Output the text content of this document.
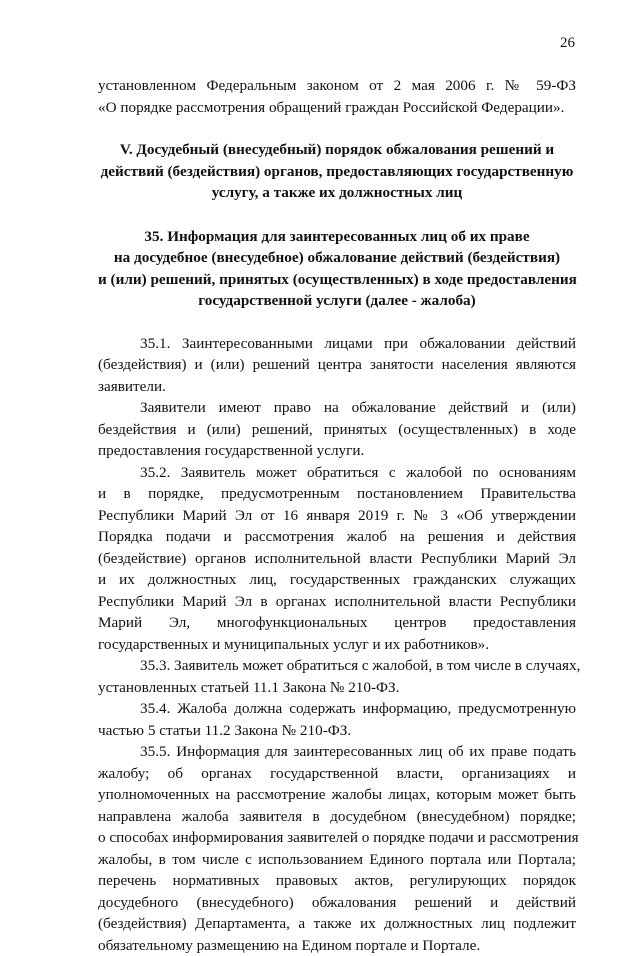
26
установленном Федеральным законом от 2 мая 2006 г. № 59-ФЗ
«О порядке рассмотрения обращений граждан Российской Федерации».
V. Досудебный (внесудебный) порядок обжалования решений и
действий (бездействия) органов, предоставляющих государственную
услугу, а также их должностных лиц
35. Информация для заинтересованных лиц об их праве
на досудебное (внесудебное) обжалование действий (бездействия)
и (или) решений, принятых (осуществленных) в ходе предоставления
государственной услуги (далее - жалоба)
35.1. Заинтересованными лицами при обжаловании действий
(бездействия) и (или) решений центра занятости населения являются
заявители.
Заявители имеют право на обжалование действий и (или)
бездействия и (или) решений, принятых (осуществленных) в ходе
предоставления государственной услуги.
35.2. Заявитель может обратиться с жалобой по основаниям
и в порядке, предусмотренным постановлением Правительства
Республики Марий Эл от 16 января 2019 г. № 3 «Об утверждении
Порядка подачи и рассмотрения жалоб на решения и действия
(бездействие) органов исполнительной власти Республики Марий Эл
и их должностных лиц, государственных гражданских служащих
Республики Марий Эл в органах исполнительной власти Республики
Марий Эл, многофункциональных центров предоставления
государственных и муниципальных услуг и их работников».
35.3. Заявитель может обратиться с жалобой, в том числе в случаях,
установленных статьей 11.1 Закона № 210-ФЗ.
35.4. Жалоба должна содержать информацию, предусмотренную
частью 5 статьи 11.2 Закона № 210-ФЗ.
35.5. Информация для заинтересованных лиц об их праве подать
жалобу; об органах государственной власти, организациях и
уполномоченных на рассмотрение жалобы лицах, которым может быть
направлена жалоба заявителя в досудебном (внесудебном) порядке;
о способах информирования заявителей о порядке подачи и рассмотрения
жалобы, в том числе с использованием Единого портала или Портала;
перечень нормативных правовых актов, регулирующих порядок
досудебного (внесудебного) обжалования решений и действий
(бездействия) Департамента, а также их должностных лиц подлежит
обязательному размещению на Едином портале и Портале.
